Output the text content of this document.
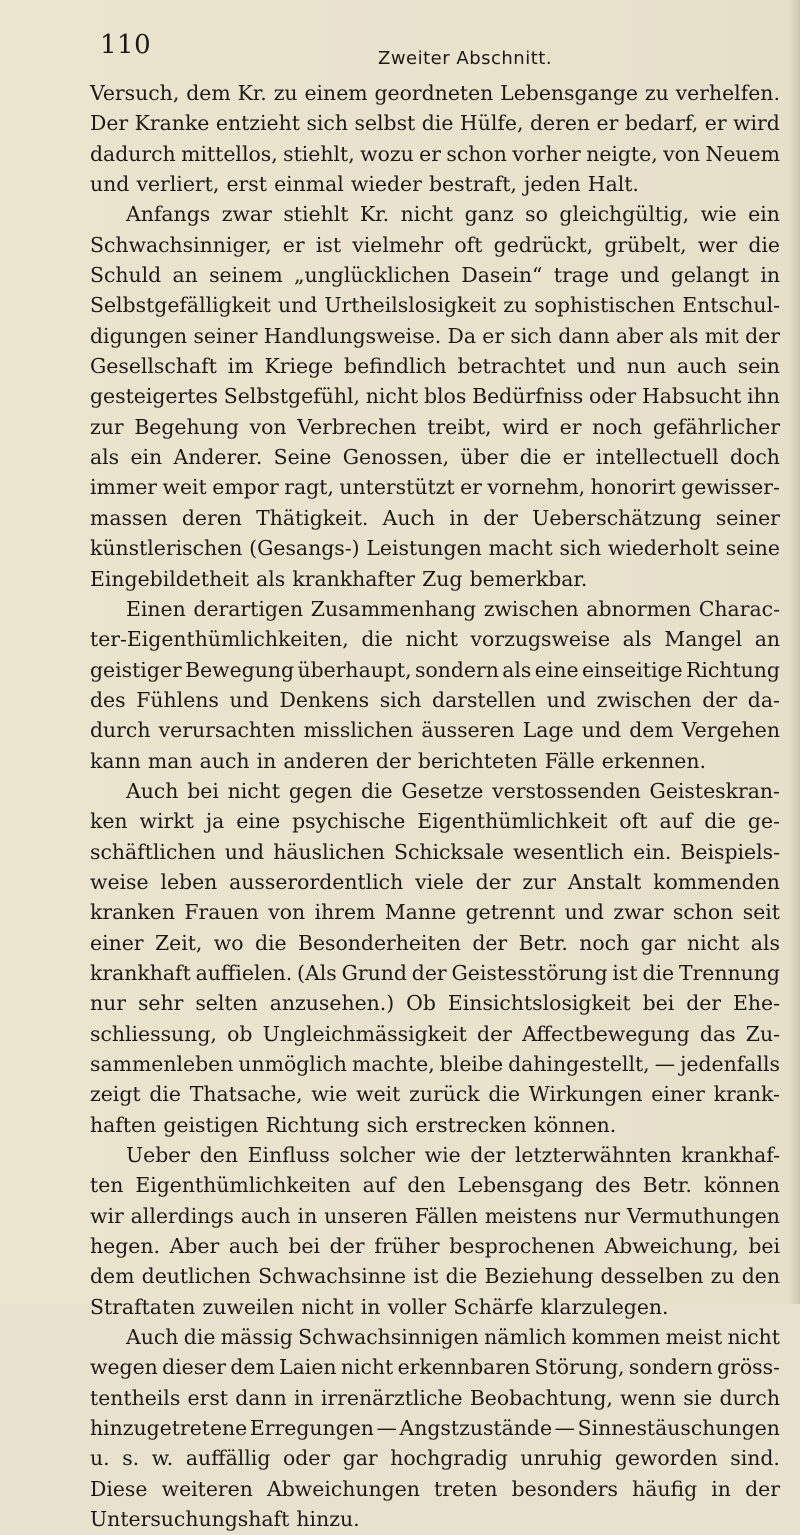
110	Zweiter Abschnitt.
Versuch, dem Kr. zu einem geordneten Lebensgange zu verhelfen.
Der Kranke entzieht sich selbst die Hülfe, deren er bedarf, er wird
dadurch mittellos, stiehlt, wozu er schon vorher neigte, von Neuem
und verliert, erst einmal wieder bestraft, jeden Halt.
Anfangs zwar stiehlt Kr. nicht ganz so gleichgültig, wie ein
Schwachsinniger, er ist vielmehr oft gedrückt, grübelt, wer die
Schuld an seinem „unglücklichen Dasein“ trage und gelangt in
Selbstgefälligkeit und Urtheilslosigkeit zu sophistischen Entschul-
digungen seiner Handlungsweise. Da er sich dann aber als mit der
Gesellschaft im Kriege befindlich betrachtet und nun auch sein
gesteigertes Selbstgefühl, nicht blos Bedürfniss oder Habsucht ihn
zur Begehung von Verbrechen treibt, wird er noch gefährlicher
als ein Anderer. Seine Genossen, über die er intellectuell doch
immer weit empor ragt, unterstützt er vornehm, honorirt gewisser-
massen deren Thätigkeit. Auch in der Ueberschätzung seiner
künstlerischen (Gesangs-) Leistungen macht sich wiederholt seine
Eingebildetheit als krankhafter Zug bemerkbar.
Einen derartigen Zusammenhang zwischen abnormen Charac-
ter-Eigenthümlichkeiten, die nicht vorzugsweise als Mangel an
geistiger Bewegung überhaupt, sondern als eine einseitige Richtung
des Fühlens und Denkens sich darstellen und zwischen der da-
durch verursachten misslichen äusseren Lage und dem Vergehen
kann man auch in anderen der berichteten Fälle erkennen.
Auch bei nicht gegen die Gesetze verstossenden Geisteskran-
ken wirkt ja eine psychische Eigenthümlichkeit oft auf die ge-
schäftlichen und häuslichen Schicksale wesentlich ein. Beispiels-
weise leben ausserordentlich viele der zur Anstalt kommenden
kranken Frauen von ihrem Manne getrennt und zwar schon seit
einer Zeit, wo die Besonderheiten der Betr. noch gar nicht als
krankhaft auffielen. (Als Grund der Geistesstörung ist die Trennung
nur sehr selten anzusehen.) Ob Einsichtslosigkeit bei der Ehe-
schliessung, ob Ungleichmässigkeit der Affectbewegung das Zu-
sammenleben unmöglich machte, bleibe dahingestellt, — jedenfalls
zeigt die Thatsache, wie weit zurück die Wirkungen einer krank-
haften geistigen Richtung sich erstrecken können.
Ueber den Einfluss solcher wie der letzterwähnten krankhaf-
ten Eigenthümlichkeiten auf den Lebensgang des Betr. können
wir allerdings auch in unseren Fällen meistens nur Vermuthungen
hegen. Aber auch bei der früher besprochenen Abweichung, bei
dem deutlichen Schwachsinne ist die Beziehung desselben zu den
Straftaten zuweilen nicht in voller Schärfe klarzulegen.
Auch die mässig Schwachsinnigen nämlich kommen meist nicht
wegen dieser dem Laien nicht erkennbaren Störung, sondern gröss-
tentheils erst dann in irrenärztliche Beobachtung, wenn sie durch
hinzugetretene Erregungen — Angstzustände — Sinnestäuschungen
u. s. w. auffällig oder gar hochgradig unruhig geworden sind.
Diese weiteren Abweichungen treten besonders häufig in der
Untersuchungshaft hinzu.
